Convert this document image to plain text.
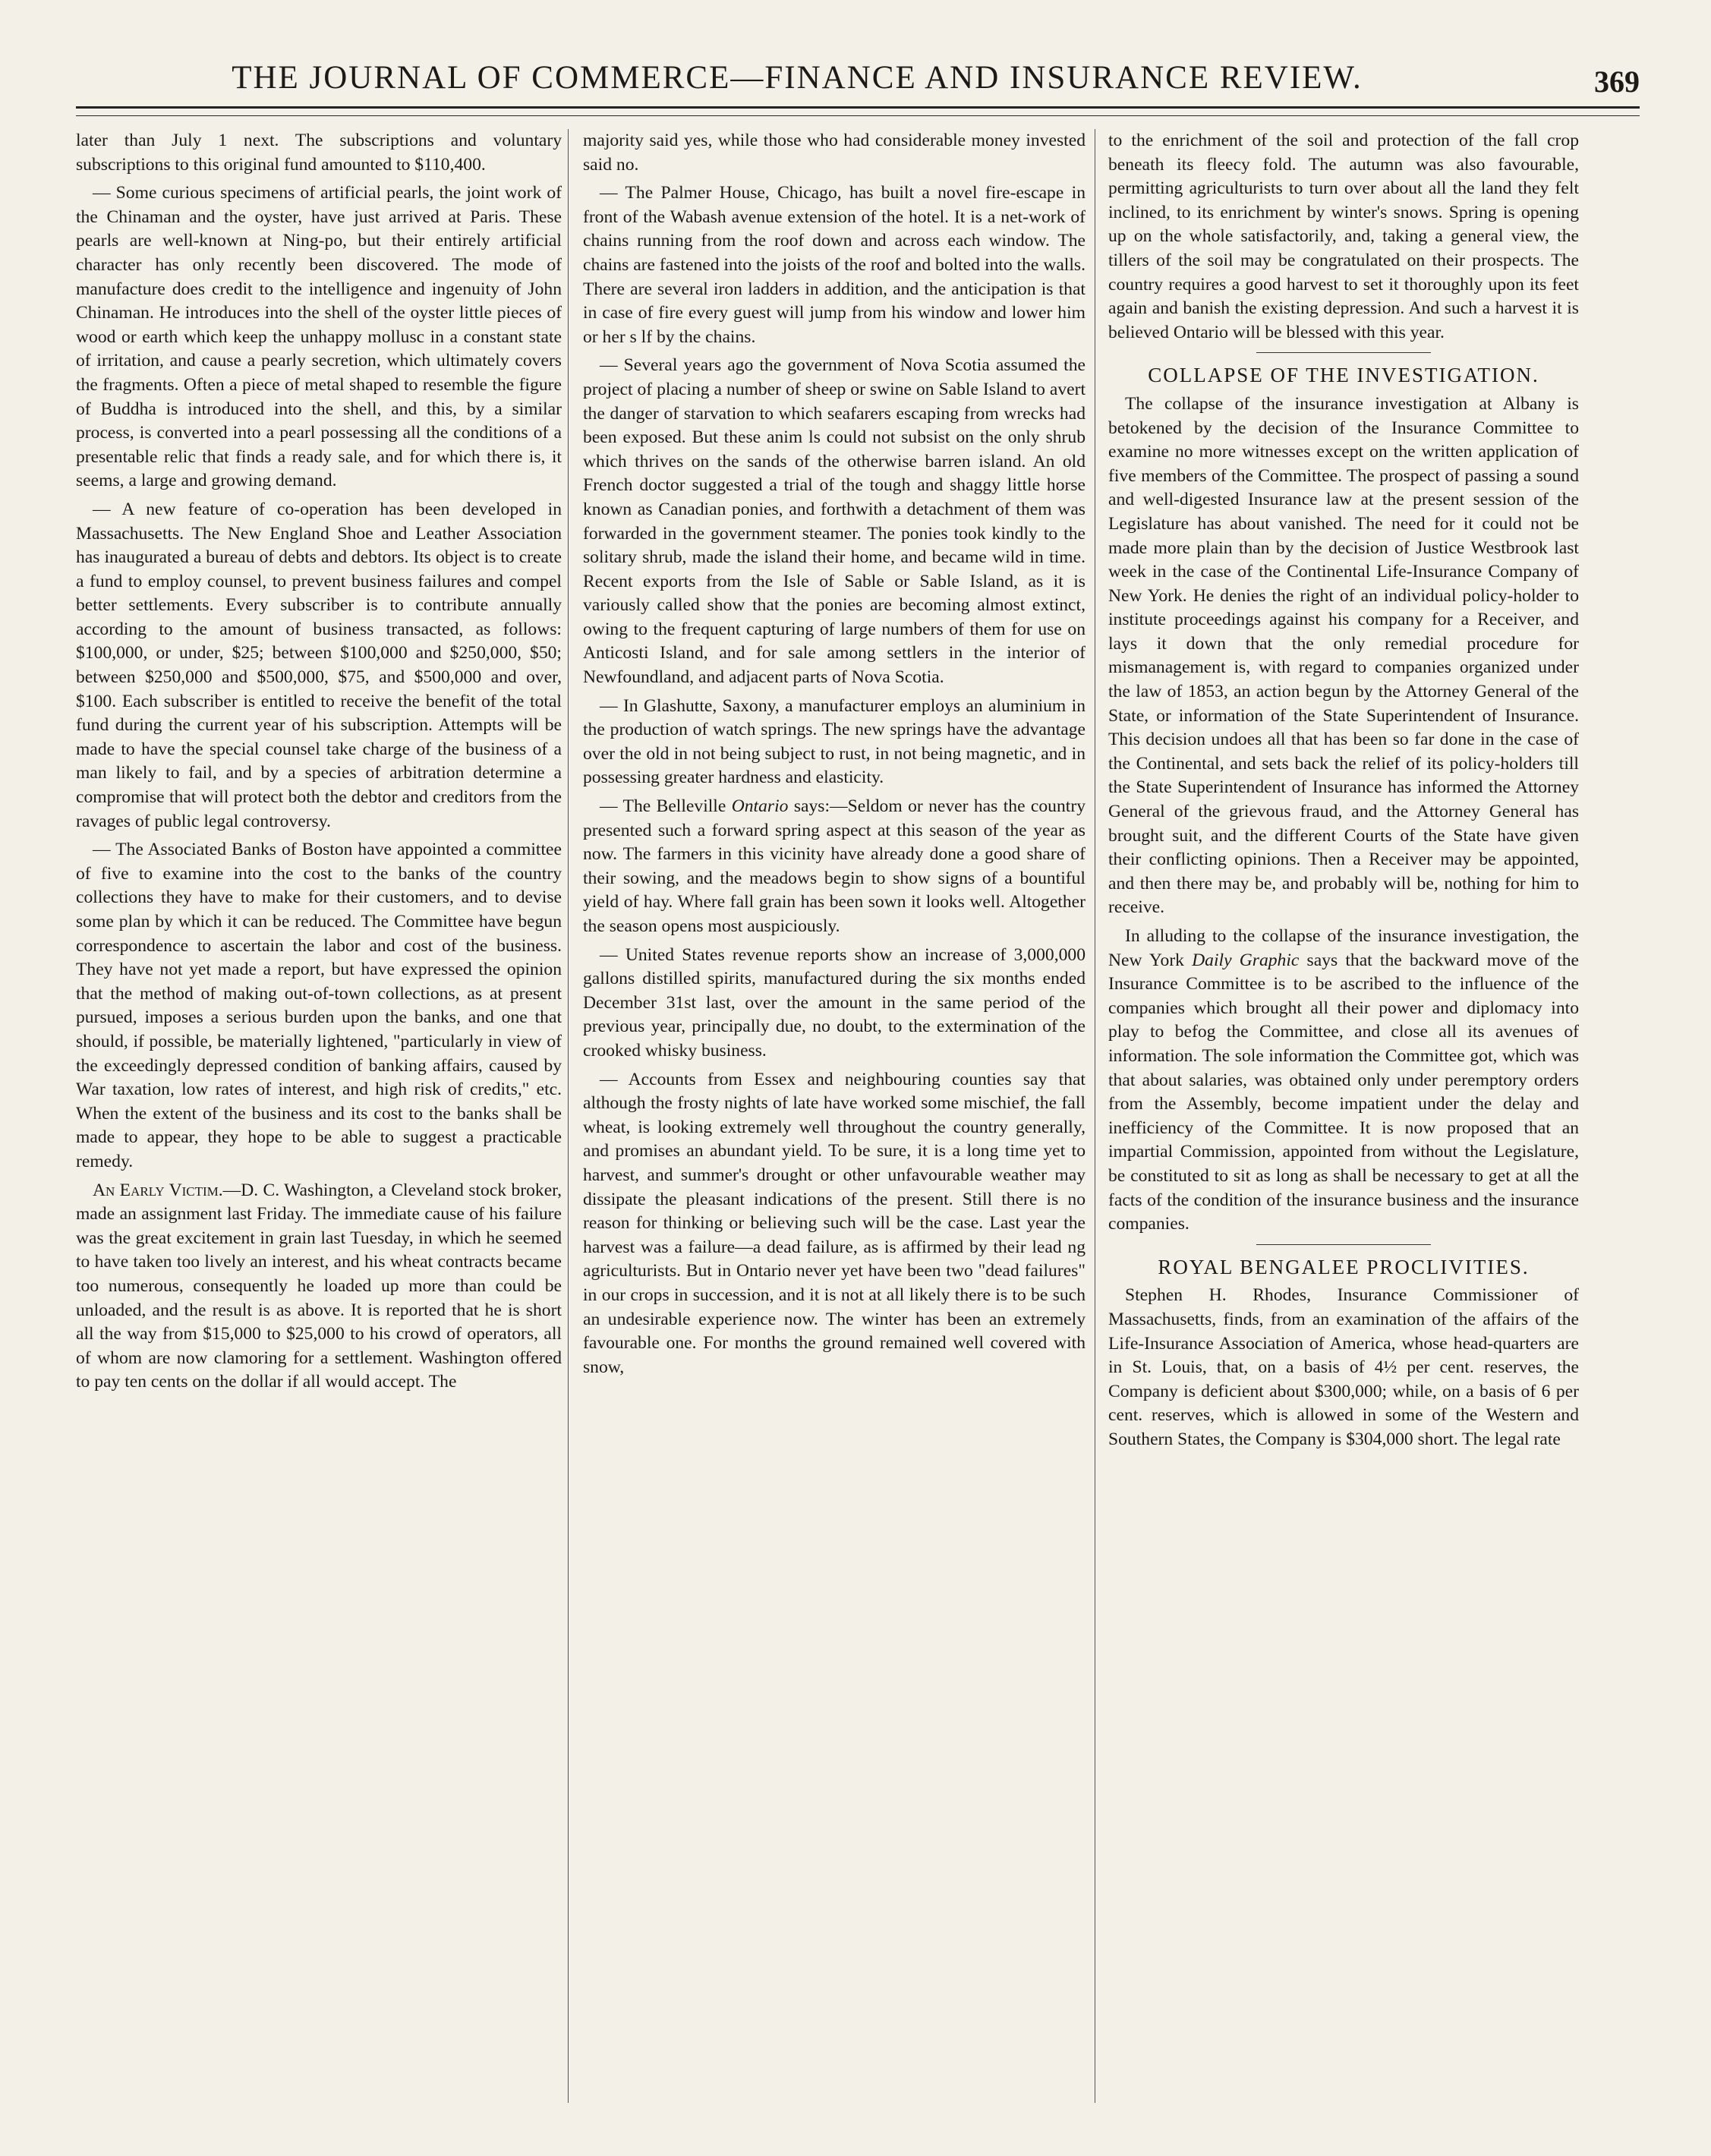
THE JOURNAL OF COMMERCE—FINANCE AND INSURANCE REVIEW.	369

later than July 1 next. The subscriptions and voluntary subscriptions to this original fund amounted to $110,400.

— Some curious specimens of artificial pearls, the joint work of the Chinaman and the oyster, have just arrived at Paris. These pearls are well-known at Ning-po, but their entirely artificial character has only recently been discovered. The mode of manufacture does credit to the intelligence and ingenuity of John Chinaman. He introduces into the shell of the oyster little pieces of wood or earth which keep the unhappy mollusc in a constant state of irritation, and cause a pearly secretion, which ultimately covers the fragments. Often a piece of metal shaped to resemble the figure of Buddha is introduced into the shell, and this, by a similar process, is converted into a pearl possessing all the conditions of a presentable relic that finds a ready sale, and for which there is, it seems, a large and growing demand.

— A new feature of co-operation has been developed in Massachusetts. The New England Shoe and Leather Association has inaugurated a bureau of debts and debtors. Its object is to create a fund to employ counsel, to prevent business failures and compel better settlements. Every subscriber is to contribute annually according to the amount of business transacted, as follows: $100,000, or under, $25; between $100,000 and $250,000, $50; between $250,000 and $500,000, $75, and $500,000 and over, $100. Each subscriber is entitled to receive the benefit of the total fund during the current year of his subscription. Attempts will be made to have the special counsel take charge of the business of a man likely to fail, and by a species of arbitration determine a compromise that will protect both the debtor and creditors from the ravages of public legal controversy.

— The Associated Banks of Boston have appointed a committee of five to examine into the cost to the banks of the country collections they have to make for their customers, and to devise some plan by which it can be reduced. The Committee have begun correspondence to ascertain the labor and cost of the business. They have not yet made a report, but have expressed the opinion that the method of making out-of-town collections, as at present pursued, imposes a serious burden upon the banks, and one that should, if possible, be materially lightened, "particularly in view of the exceedingly depressed condition of banking affairs, caused by War taxation, low rates of interest, and high risk of credits," etc. When the extent of the business and its cost to the banks shall be made to appear, they hope to be able to suggest a practicable remedy.

An Early Victim.—D. C. Washington, a Cleveland stock broker, made an assignment last Friday. The immediate cause of his failure was the great excitement in grain last Tuesday, in which he seemed to have taken too lively an interest, and his wheat contracts became too numerous, consequently he loaded up more than could be unloaded, and the result is as above. It is reported that he is short all the way from $15,000 to $25,000 to his crowd of operators, all of whom are now clamoring for a settlement. Washington offered to pay ten cents on the dollar if all would accept. The

majority said yes, while those who had considerable money invested said no.

— The Palmer House, Chicago, has built a novel fire-escape in front of the Wabash avenue extension of the hotel. It is a net-work of chains running from the roof down and across each window. The chains are fastened into the joists of the roof and bolted into the walls. There are several iron ladders in addition, and the anticipation is that in case of fire every guest will jump from his window and lower him or her s lf by the chains.

— Several years ago the government of Nova Scotia assumed the project of placing a number of sheep or swine on Sable Island to avert the danger of starvation to which seafarers escaping from wrecks had been exposed. But these anim ls could not subsist on the only shrub which thrives on the sands of the otherwise barren island. An old French doctor suggested a trial of the tough and shaggy little horse known as Canadian ponies, and forthwith a detachment of them was forwarded in the government steamer. The ponies took kindly to the solitary shrub, made the island their home, and became wild in time. Recent exports from the Isle of Sable or Sable Island, as it is variously called show that the ponies are becoming almost extinct, owing to the frequent capturing of large numbers of them for use on Anticosti Island, and for sale among settlers in the interior of Newfoundland, and adjacent parts of Nova Scotia.

— In Glashutte, Saxony, a manufacturer employs an aluminium in the production of watch springs. The new springs have the advantage over the old in not being subject to rust, in not being magnetic, and in possessing greater hardness and elasticity.

— The Belleville Ontario says:—Seldom or never has the country presented such a forward spring aspect at this season of the year as now. The farmers in this vicinity have already done a good share of their sowing, and the meadows begin to show signs of a bountiful yield of hay. Where fall grain has been sown it looks well. Altogether the season opens most auspiciously.

— United States revenue reports show an increase of 3,000,000 gallons distilled spirits, manufactured during the six months ended December 31st last, over the amount in the same period of the previous year, principally due, no doubt, to the extermination of the crooked whisky business.

— Accounts from Essex and neighbouring counties say that although the frosty nights of late have worked some mischief, the fall wheat, is looking extremely well throughout the country generally, and promises an abundant yield. To be sure, it is a long time yet to harvest, and summer's drought or other unfavourable weather may dissipate the pleasant indications of the present. Still there is no reason for thinking or believing such will be the case. Last year the harvest was a failure—a dead failure, as is affirmed by their lead ng agriculturists. But in Ontario never yet have been two "dead failures" in our crops in succession, and it is not at all likely there is to be such an undesirable experience now. The winter has been an extremely favourable one. For months the ground remained well covered with snow,

to the enrichment of the soil and protection of the fall crop beneath its fleecy fold. The autumn was also favourable, permitting agriculturists to turn over about all the land they felt inclined, to its enrichment by winter's snows. Spring is opening up on the whole satisfactorily, and, taking a general view, the tillers of the soil may be congratulated on their prospects. The country requires a good harvest to set it thoroughly upon its feet again and banish the existing depression. And such a harvest it is believed Ontario will be blessed with this year.

COLLAPSE OF THE INVESTIGATION.

The collapse of the insurance investigation at Albany is betokened by the decision of the Insurance Committee to examine no more witnesses except on the written application of five members of the Committee. The prospect of passing a sound and well-digested Insurance law at the present session of the Legislature has about vanished. The need for it could not be made more plain than by the decision of Justice Westbrook last week in the case of the Continental Life-Insurance Company of New York. He denies the right of an individual policy-holder to institute proceedings against his company for a Receiver, and lays it down that the only remedial procedure for mismanagement is, with regard to companies organized under the law of 1853, an action begun by the Attorney General of the State, or information of the State Superintendent of Insurance. This decision undoes all that has been so far done in the case of the Continental, and sets back the relief of its policy-holders till the State Superintendent of Insurance has informed the Attorney General of the grievous fraud, and the Attorney General has brought suit, and the different Courts of the State have given their conflicting opinions. Then a Receiver may be appointed, and then there may be, and probably will be, nothing for him to receive.

In alluding to the collapse of the insurance investigation, the New York Daily Graphic says that the backward move of the Insurance Committee is to be ascribed to the influence of the companies which brought all their power and diplomacy into play to befog the Committee, and close all its avenues of information. The sole information the Committee got, which was that about salaries, was obtained only under peremptory orders from the Assembly, become impatient under the delay and inefficiency of the Committee. It is now proposed that an impartial Commission, appointed from without the Legislature, be constituted to sit as long as shall be necessary to get at all the facts of the condition of the insurance business and the insurance companies.

ROYAL BENGALEE PROCLIVITIES.

Stephen H. Rhodes, Insurance Commissioner of Massachusetts, finds, from an examination of the affairs of the Life-Insurance Association of America, whose head-quarters are in St. Louis, that, on a basis of 4½ per cent. reserves, the Company is deficient about $300,000; while, on a basis of 6 per cent. reserves, which is allowed in some of the Western and Southern States, the Company is $304,000 short. The legal rate
